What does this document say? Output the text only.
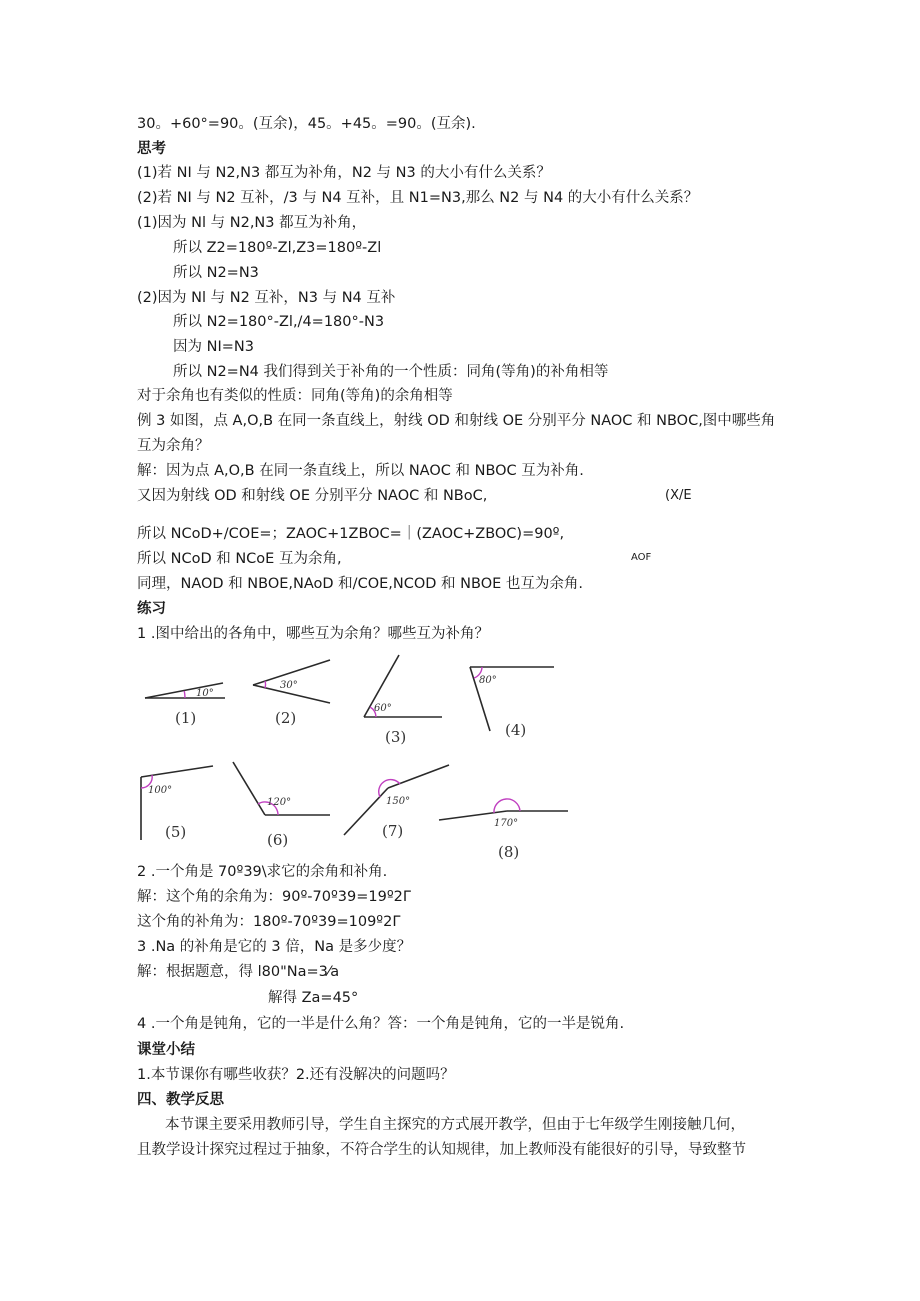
30。+60°=90。(互余)，45。+45。=90。(互余).
思考
(1)若 NI 与 N2,N3 都互为补角，N2 与 N3 的大小有什么关系？
(2)若 NI 与 N2 互补，/3 与 N4 互补，且 N1=N3,那么 N2 与 N4 的大小有什么关系？
(1)因为 Nl 与 N2,N3 都互为补角，
所以 Z2=180º-Zl,Z3=180º-Zl
所以 N2=N3
(2)因为 Nl 与 N2 互补，N3 与 N4 互补
所以 N2=180°-Zl,/4=180°-N3
因为 NI=N3
所以 N2=N4 我们得到关于补角的一个性质：同角(等角)的补角相等
对于余角也有类似的性质：同角(等角)的余角相等
例 3 如图，点 A,O,B 在同一条直线上，射线 OD 和射线 OE 分别平分 NAOC 和 NBOC,图中哪些角
互为余角？
解：因为点 A,O,B 在同一条直线上，所以 NAOC 和 NBOC 互为补角.
又因为射线 OD 和射线 OE 分别平分 NAOC 和 NBoC,	(X/E
所以 NCoD+/COE=；ZAOC+1ZBOC=｜(ZAOC+ZBOC)=90º,
所以 NCoD 和 NCoE 互为余角,	AOF
同理，NAOD 和 NBOE,NAoD 和/COE,NCOD 和 NBOE 也互为余角.
练习
1 .图中给出的各角中，哪些互为余角？哪些互为补角？
10°
30°
60°
80°
100°
120°	150°
170°
(1)	(2)
(3)	(4)
(5)	(6)	(7)
(8)
2 .一个角是 70º39\求它的余角和补角.
解：这个角的余角为：90º-70º39=19º2Γ
这个角的补角为：180º-70º39=109º2Γ
3 .Na 的补角是它的 3 倍，Na 是多少度？
解：根据题意，得 l80"Na=3⁄a
解得 Za=45°
4 .一个角是钝角，它的一半是什么角？答：一个角是钝角，它的一半是锐角.
课堂小结
1.本节课你有哪些收获？2.还有没解决的问题吗？
四、教学反思
本节课主要采用教师引导，学生自主探究的方式展开教学，但由于七年级学生刚接触几何，
且教学设计探究过程过于抽象，不符合学生的认知规律，加上教师没有能很好的引导，导致整节
